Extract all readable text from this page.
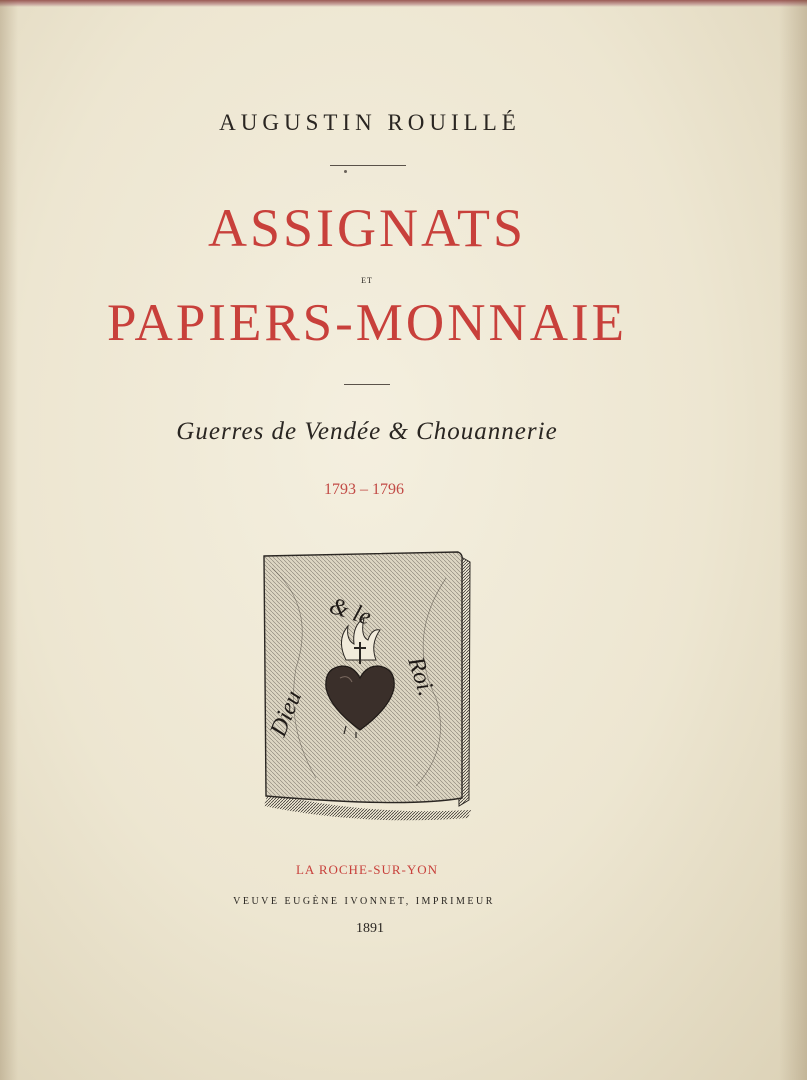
AUGUSTIN ROUILLÉ
ASSIGNATS
ET
PAPIERS-MONNAIE
Guerres de Vendée & Chouannerie
1793 – 1796
Dieu
& le
Roi.
LA ROCHE-SUR-YON
VEUVE EUGÈNE IVONNET, IMPRIMEUR
1891
